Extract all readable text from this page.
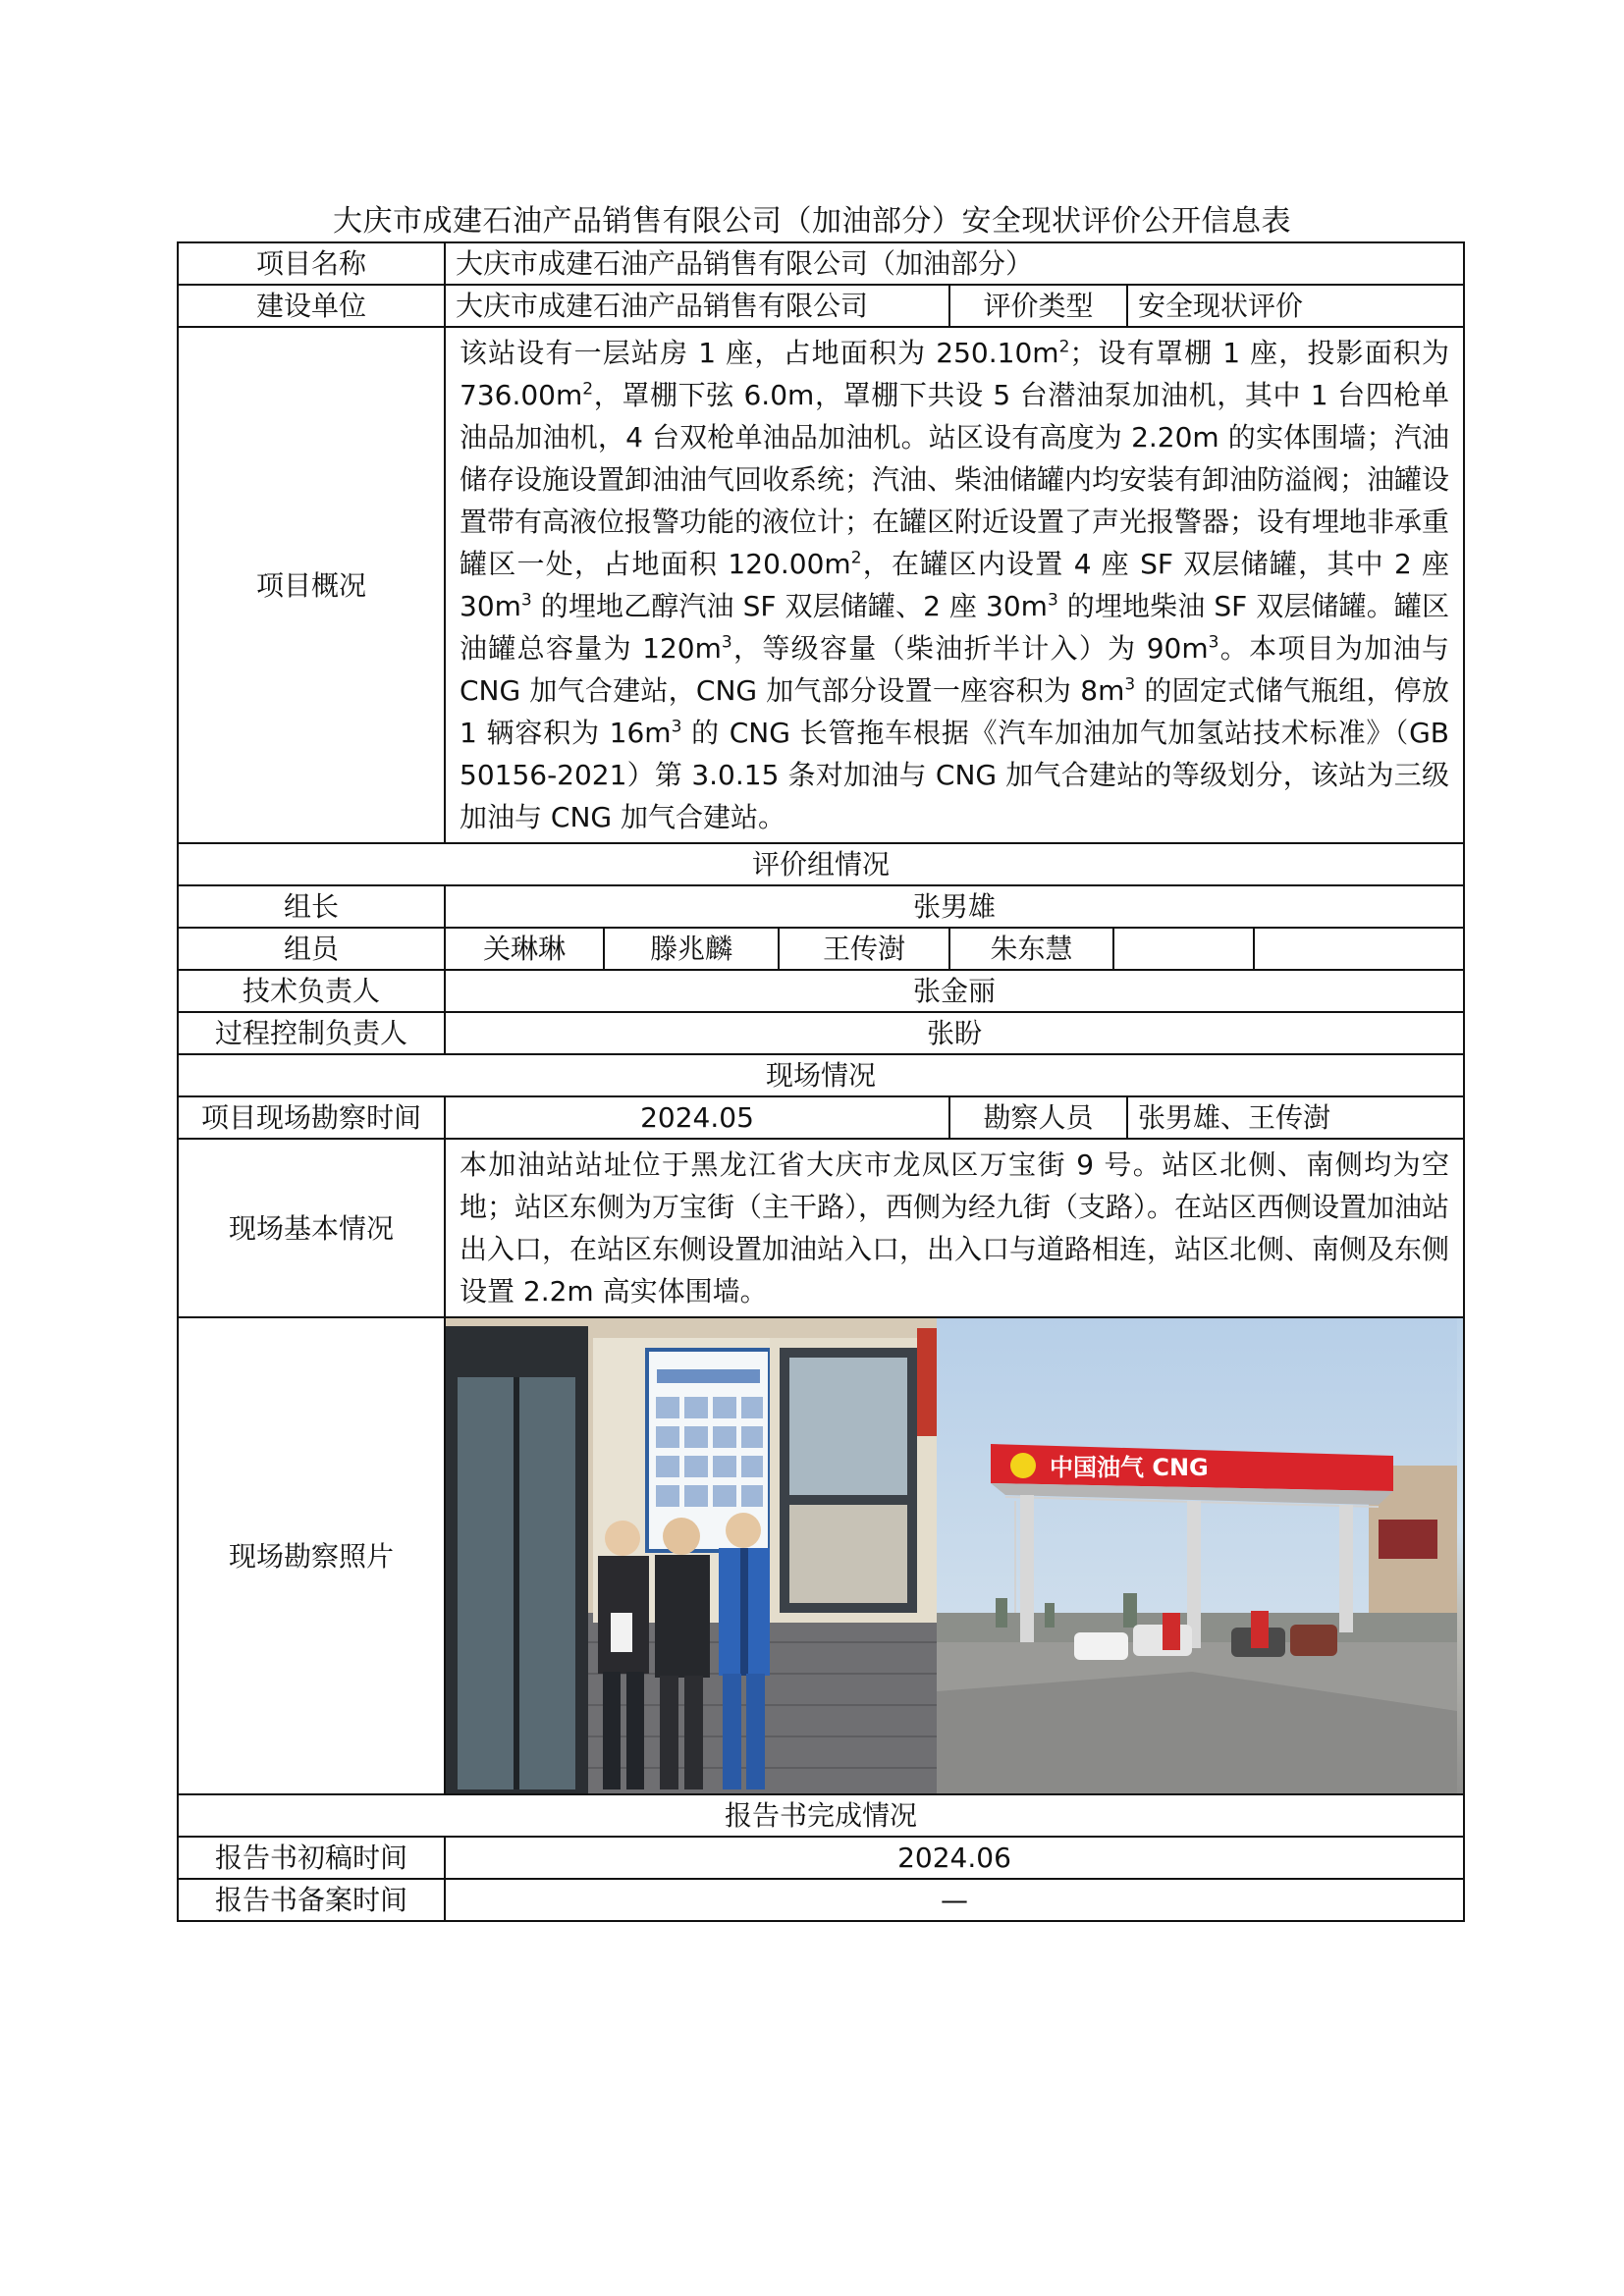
大庆市成建石油产品销售有限公司（加油部分）安全现状评价公开信息表
项目名称	大庆市成建石油产品销售有限公司（加油部分）						
建设单位	大庆市成建石油产品销售有限公司			评价类型		安全现状评价	
项目概况	该站设有一层站房 1 座，占地面积为 $250.10m^2$；设有罩棚 1 座，投影面积为 $736.00m^2$，罩棚下弦 6.0m，罩棚下共设 5 台潜油泵加油机，其中 1 台四枪单油品加油机，4 台双枪单油品加油机。站区设有高度为 2.20m 的实体围墙；汽油储存设施设置卸油油气回收系统；汽油、柴油储罐内均安装有卸油防溢阀；油罐设置带有高液位报警功能的液位计；在罐区附近设置了声光报警器；设有埋地非承重罐区一处，占地面积 $120.00m^2$，在罐区内设置 4 座 SF 双层储罐，其中 2 座 $30m^3$ 的埋地乙醇汽油 SF 双层储罐、2 座 $30m^3$ 的埋地柴油 SF 双层储罐。罐区油罐总容量为 $120m^3$，等级容量（柴油折半计入）为 $90m^3$。本项目为加油与 CNG 加气合建站，CNG 加气部分设置一座容积为 $8m^3$ 的固定式储气瓶组，停放 1 辆容积为 $16m^3$ 的 CNG 长管拖车根据《汽车加油加气加氢站技术标准》（GB 50156-2021）第 3.0.15 条对加油与 CNG 加气合建站的等级划分，该站为三级加油与 CNG 加气合建站。						
评价组情况							
组长	张男雄						
组员	关琳琳	滕兆麟	王传澍	朱东慧			
技术负责人	张金丽						
过程控制负责人	张盼						
现场情况							
项目现场勘察时间	2024.05			勘察人员		张男雄、王传澍	
现场基本情况	本加油站站址位于黑龙江省大庆市龙凤区万宝街 9 号。站区北侧、南侧均为空地；站区东侧为万宝街（主干路），西侧为经九街（支路）。在站区西侧设置加油站出入口，在站区东侧设置加油站入口，出入口与道路相连，站区北侧、南侧及东侧设置 2.2m 高实体围墙。						
现场勘察照片	中国油气 CNG						

报告书完成情况							
报告书初稿时间	2024.06						
报告书备案时间	—						
